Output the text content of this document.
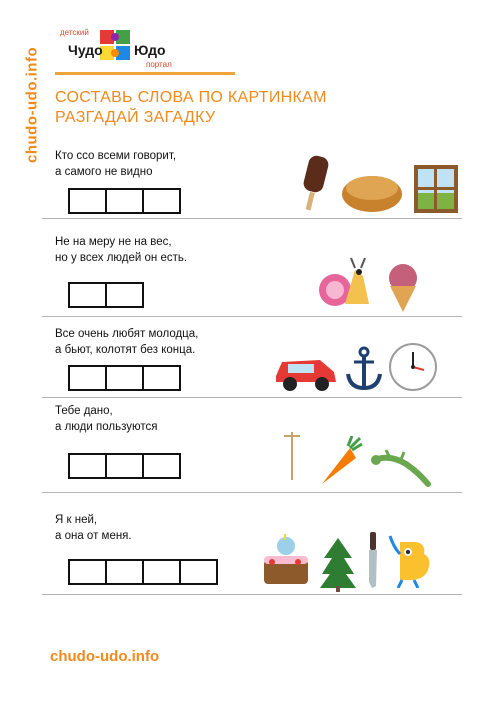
chudo-udo.info
детский
Чудо Юдо
портал
СОСТАВЬ СЛОВА ПО КАРТИНКАМ
РАЗГАДАЙ ЗАГАДКУ
Кто ссо всеми говорит,
а самого не видно
Не на меру не на вес,
но у всех людей он есть.
Все очень любят молодца,
а бьют, колотят без конца.
Тебе дано,
а люди пользуются
Я к ней,
а она от меня.
chudo-udo.info
